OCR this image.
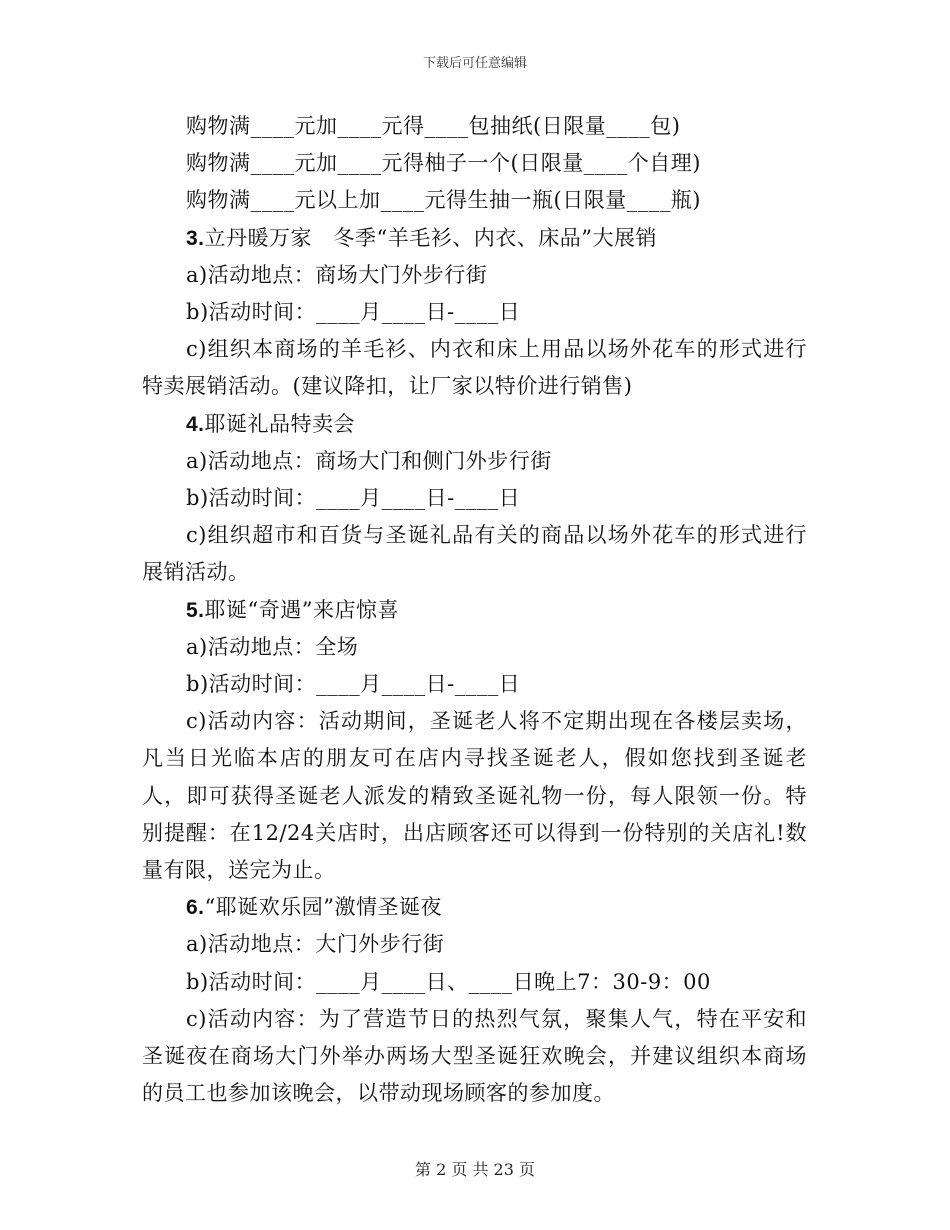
下载后可任意编辑
购物满____元加____元得____包抽纸(日限量____包)
购物满____元加____元得柚子一个(日限量____个自理)
购物满____元以上加____元得生抽一瓶(日限量____瓶)
3.立丹暖万家　冬季“羊毛衫、内衣、床品”大展销
a)活动地点：商场大门外步行街
b)活动时间：____月____日-____日
c)组织本商场的羊毛衫、内衣和床上用品以场外花车的形式进行特卖展销活动。(建议降扣，让厂家以特价进行销售)
4.耶诞礼品特卖会
a)活动地点：商场大门和侧门外步行街
b)活动时间：____月____日-____日
c)组织超市和百货与圣诞礼品有关的商品以场外花车的形式进行展销活动。
5.耶诞“奇遇”来店惊喜
a)活动地点：全场
b)活动时间：____月____日-____日
c)活动内容：活动期间，圣诞老人将不定期出现在各楼层卖场，凡当日光临本店的朋友可在店内寻找圣诞老人，假如您找到圣诞老人，即可获得圣诞老人派发的精致圣诞礼物一份，每人限领一份。特别提醒：在12/24关店时，出店顾客还可以得到一份特别的关店礼!数量有限，送完为止。
6.“耶诞欢乐园”激情圣诞夜
a)活动地点：大门外步行街
b)活动时间：____月____日、____日晚上7：30-9：00
c)活动内容：为了营造节日的热烈气氛，聚集人气，特在平安和圣诞夜在商场大门外举办两场大型圣诞狂欢晚会，并建议组织本商场的员工也参加该晚会，以带动现场顾客的参加度。
第 2 页 共 23 页
